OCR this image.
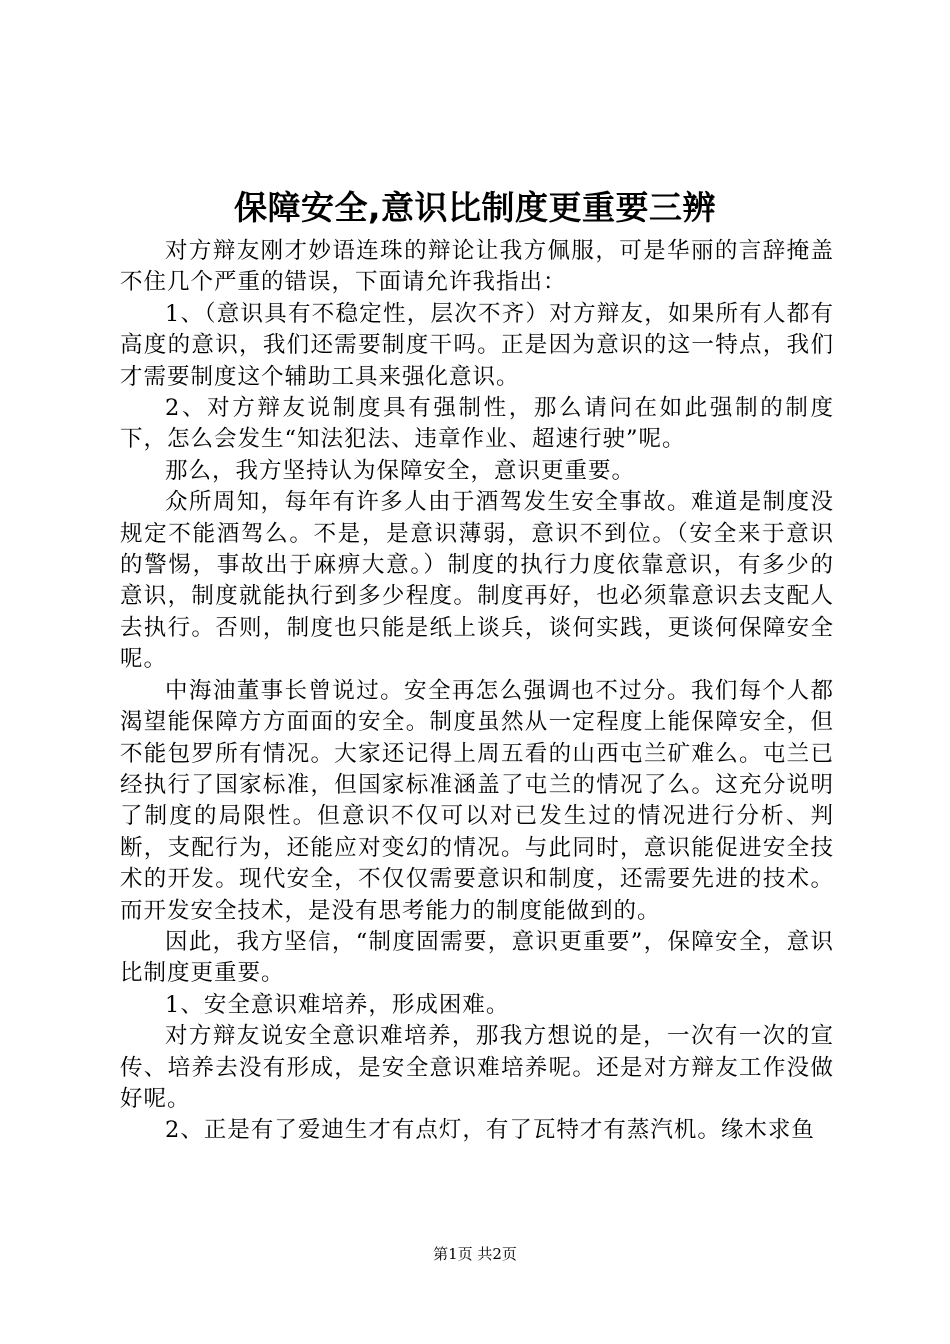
保障安全,意识比制度更重要三辨

对方辩友刚才妙语连珠的辩论让我方佩服，可是华丽的言辞掩盖不住几个严重的错误，下面请允许我指出：

1、（意识具有不稳定性，层次不齐）对方辩友，如果所有人都有高度的意识，我们还需要制度干吗。正是因为意识的这一特点，我们才需要制度这个辅助工具来强化意识。

2、对方辩友说制度具有强制性，那么请问在如此强制的制度下，怎么会发生“知法犯法、违章作业、超速行驶”呢。

那么，我方坚持认为保障安全，意识更重要。

众所周知，每年有许多人由于酒驾发生安全事故。难道是制度没规定不能酒驾么。不是，是意识薄弱，意识不到位。（安全来于意识的警惕，事故出于麻痹大意。）制度的执行力度依靠意识，有多少的意识，制度就能执行到多少程度。制度再好，也必须靠意识去支配人去执行。否则，制度也只能是纸上谈兵，谈何实践，更谈何保障安全呢。

中海油董事长曾说过。安全再怎么强调也不过分。我们每个人都渴望能保障方方面面的安全。制度虽然从一定程度上能保障安全，但不能包罗所有情况。大家还记得上周五看的山西屯兰矿难么。屯兰已经执行了国家标准，但国家标准涵盖了屯兰的情况了么。这充分说明了制度的局限性。但意识不仅可以对已发生过的情况进行分析、判断，支配行为，还能应对变幻的情况。与此同时，意识能促进安全技术的开发。现代安全，不仅仅需要意识和制度，还需要先进的技术。而开发安全技术，是没有思考能力的制度能做到的。

因此，我方坚信，“制度固需要，意识更重要”，保障安全，意识比制度更重要。

1、安全意识难培养，形成困难。

对方辩友说安全意识难培养，那我方想说的是，一次有一次的宣传、培养去没有形成，是安全意识难培养呢。还是对方辩友工作没做好呢。

2、正是有了爱迪生才有点灯，有了瓦特才有蒸汽机。缘木求鱼

第1页 共2页
